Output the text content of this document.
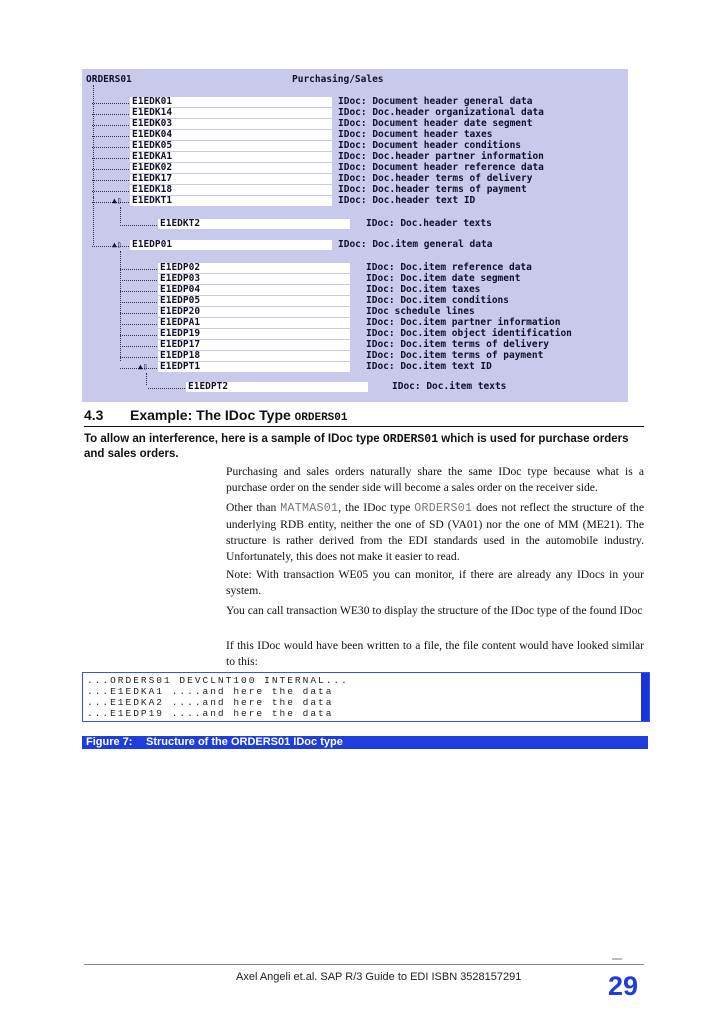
ORDERS01	Purchasing/Sales
E1EDK01	IDoc: Document header general data
E1EDK14	IDoc: Doc.header organizational data
E1EDK03	IDoc: Document header date segment
E1EDK04	IDoc: Document header taxes
E1EDK05	IDoc: Document header conditions
E1EDKA1	IDoc: Doc.header partner information
E1EDK02	IDoc: Document header reference data
E1EDK17	IDoc: Doc.header terms of delivery
E1EDK18	IDoc: Doc.header terms of payment
E1EDKT1	IDoc: Doc.header text ID
▲▯
E1EDKT2	IDoc: Doc.header texts
▲▯ E1EDP01	IDoc: Doc.item general data
E1EDP02	IDoc: Doc.item reference data
E1EDP03	IDoc: Doc.item date segment
E1EDP04	IDoc: Doc.item taxes
E1EDP05	IDoc: Doc.item conditions
E1EDP20	IDoc schedule lines
E1EDPA1	IDoc: Doc.item partner information
E1EDP19	IDoc: Doc.item object identification
E1EDP17	IDoc: Doc.item terms of delivery
E1EDP18	IDoc: Doc.item terms of payment
E1EDPT1	IDoc: Doc.item text ID
▲▯
E1EDPT2	IDoc: Doc.item texts
4.3 Example: The IDoc Type ORDERS01
To allow an interference, here is a sample of IDoc type ORDERS01 which is used for purchase orders and sales orders.
Purchasing and sales orders naturally share the same IDoc type because what is a purchase order on the sender side will become a sales order on the receiver side.
Other than MATMAS01, the IDoc type ORDERS01 does not reflect the structure of the underlying RDB entity, neither the one of SD (VA01) nor the one of MM (ME21). The structure is rather derived from the EDI standards used in the automobile industry. Unfortunately, this does not make it easier to read.
Note: With transaction WE05 you can monitor, if there are already any IDocs in your system.
You can call transaction WE30 to display the structure of the IDoc type of the found IDoc
If this IDoc would have been written to a file, the file content would have looked similar to this:
...ORDERS01 DEVCLNT100 INTERNAL...
...E1EDKA1 ....and here the data
...E1EDKA2 ....and here the data
...E1EDP19 ....and here the data
Figure 7: Structure of the ORDERS01 IDoc type
Axel Angeli et.al. SAP R/3 Guide to EDI ISBN 3528157291	29
